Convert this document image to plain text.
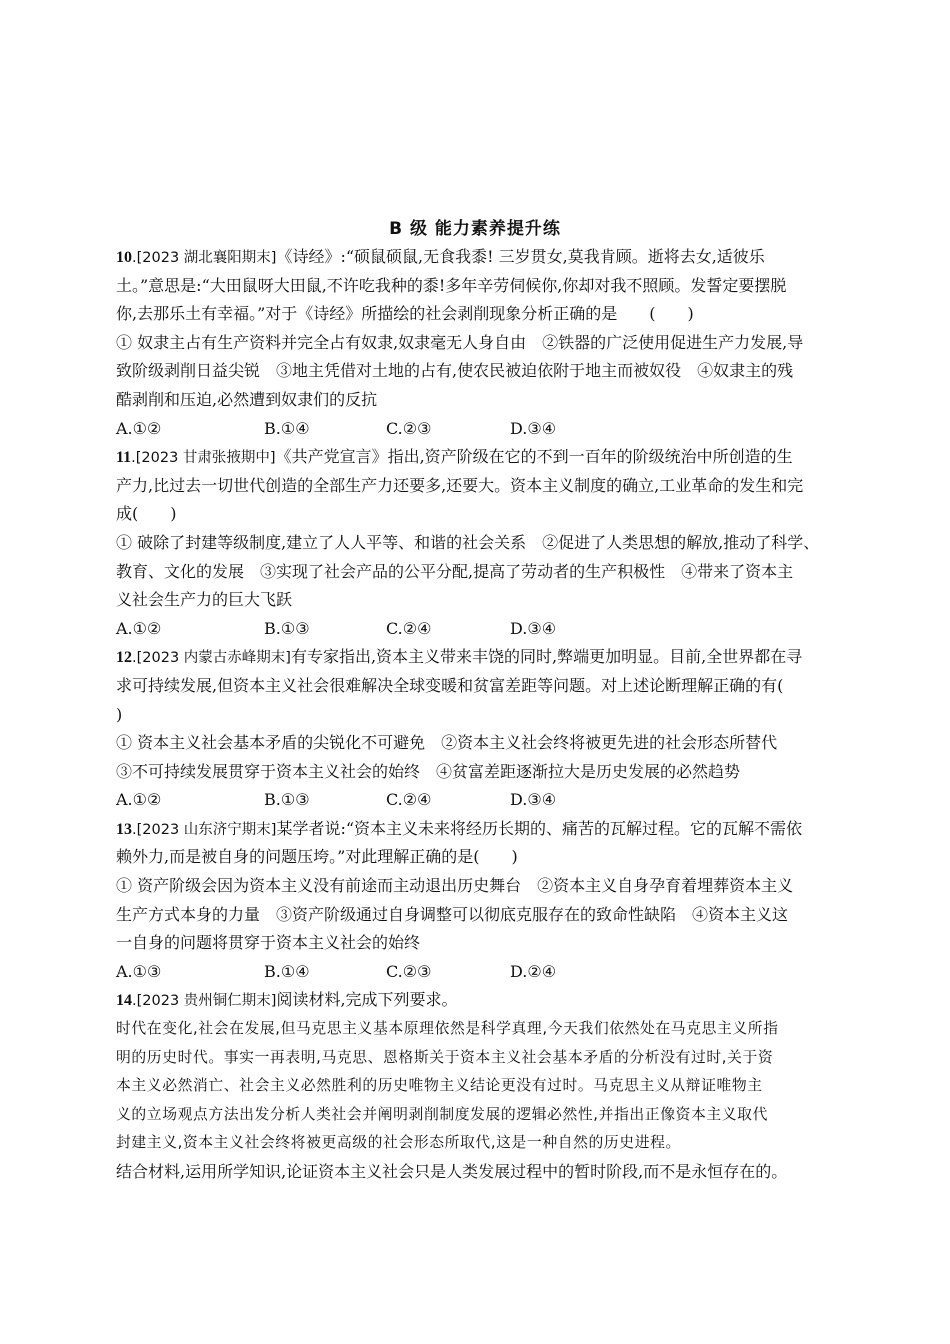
B 级 能力素养提升练
10.[2023 湖北襄阳期末]《诗经》:“硕鼠硕鼠,无食我黍! 三岁贯女,莫我肯顾。逝将去女,适彼乐
土。”意思是:“大田鼠呀大田鼠,不许吃我种的黍!多年辛劳伺候你,你却对我不照顾。发誓定要摆脱
你,去那乐土有幸福。”对于《诗经》所描绘的社会剥削现象分析正确的是　　(　　)
① 奴隶主占有生产资料并完全占有奴隶,奴隶毫无人身自由　②铁器的广泛使用促进生产力发展,导
致阶级剥削日益尖锐　③地主凭借对土地的占有,使农民被迫依附于地主而被奴役　④奴隶主的残
酷剥削和压迫,必然遭到奴隶们的反抗
A.①②	B.①④	C.②③	D.③④
11.[2023 甘肃张掖期中]《共产党宣言》指出,资产阶级在它的不到一百年的阶级统治中所创造的生
产力,比过去一切世代创造的全部生产力还要多,还要大。资本主义制度的确立,工业革命的发生和完
成(　　)
① 破除了封建等级制度,建立了人人平等、和谐的社会关系　②促进了人类思想的解放,推动了科学、
教育、文化的发展　③实现了社会产品的公平分配,提高了劳动者的生产积极性　④带来了资本主
义社会生产力的巨大飞跃
A.①②	B.①③	C.②④	D.③④
12.[2023 内蒙古赤峰期末]有专家指出,资本主义带来丰饶的同时,弊端更加明显。目前,全世界都在寻
求可持续发展,但资本主义社会很难解决全球变暖和贫富差距等问题。对上述论断理解正确的有(
)
① 资本主义社会基本矛盾的尖锐化不可避免　②资本主义社会终将被更先进的社会形态所替代
③不可持续发展贯穿于资本主义社会的始终　④贫富差距逐渐拉大是历史发展的必然趋势
A.①②	B.①③	C.②④	D.③④
13.[2023 山东济宁期末]某学者说:“资本主义未来将经历长期的、痛苦的瓦解过程。它的瓦解不需依
赖外力,而是被自身的问题压垮。”对此理解正确的是(　　)
① 资产阶级会因为资本主义没有前途而主动退出历史舞台　②资本主义自身孕育着埋葬资本主义
生产方式本身的力量　③资产阶级通过自身调整可以彻底克服存在的致命性缺陷　④资本主义这
一自身的问题将贯穿于资本主义社会的始终
A.①③	B.①④	C.②③	D.②④
14.[2023 贵州铜仁期末]阅读材料,完成下列要求。
时代在变化,社会在发展,但马克思主义基本原理依然是科学真理,今天我们依然处在马克思主义所指
明的历史时代。事实一再表明,马克思、恩格斯关于资本主义社会基本矛盾的分析没有过时,关于资
本主义必然消亡、社会主义必然胜利的历史唯物主义结论更没有过时。马克思主义从辩证唯物主
义的立场观点方法出发分析人类社会并阐明剥削制度发展的逻辑必然性,并指出正像资本主义取代
封建主义,资本主义社会终将被更高级的社会形态所取代,这是一种自然的历史进程。
结合材料,运用所学知识,论证资本主义社会只是人类发展过程中的暂时阶段,而不是永恒存在的。
